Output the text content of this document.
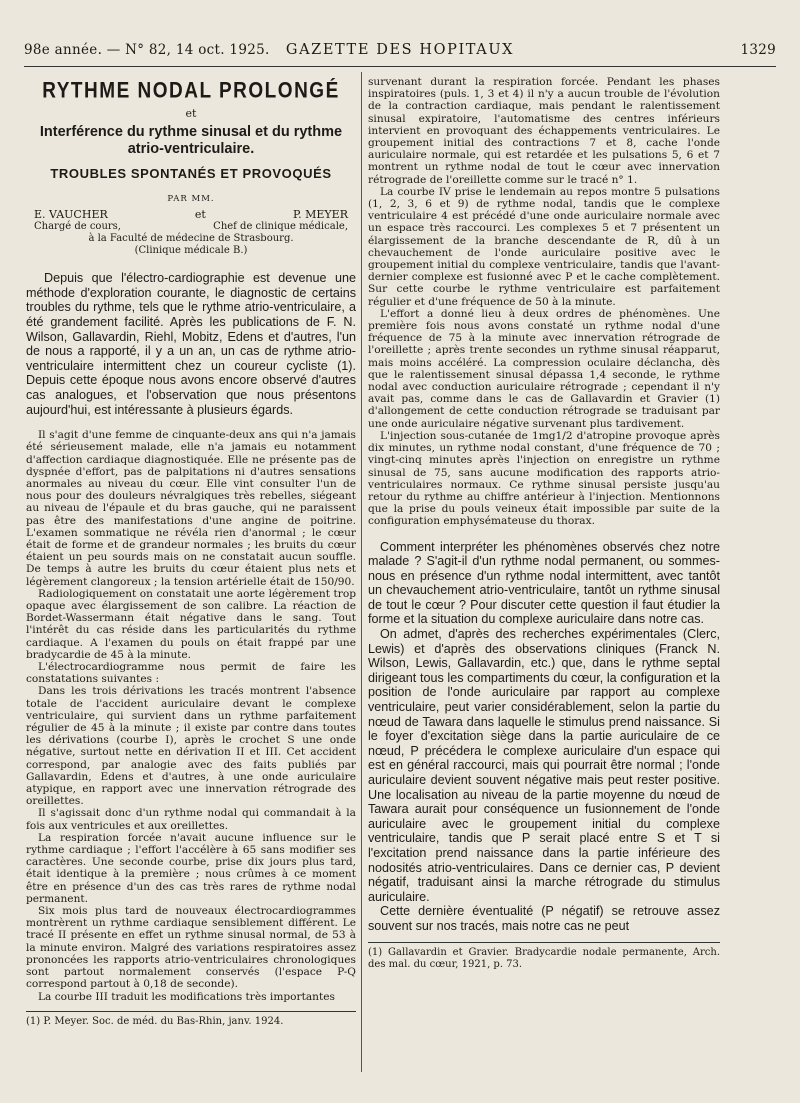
98e année. — N° 82, 14 oct. 1925.	GAZETTE DES HOPITAUX	1329
RYTHME NODAL PROLONGÉ
et
Interférence du rythme sinusal et du rythme atrio-ventriculaire.
TROUBLES SPONTANÉS ET PROVOQUÉS
PAR MM.
E. VAUCHER	et	P. MEYER
Chargé de cours,	Chef de clinique médicale,
à la Faculté de médecine de Strasbourg.
(Clinique médicale B.)

Depuis que l'électro-cardiographie est devenue une méthode d'exploration courante, le diagnostic de certains troubles du rythme, tels que le rythme atrio-ventriculaire, a été grandement facilité. Après les publications de F. N. Wilson, Gallavardin, Riehl, Mobitz, Edens et d'autres, l'un de nous a rapporté, il y a un an, un cas de rythme atrio-ventriculaire intermittent chez un coureur cycliste (1). Depuis cette époque nous avons encore observé d'autres cas analogues, et l'observation que nous présentons aujourd'hui, est intéressante à plusieurs égards.

Il s'agit d'une femme de cinquante-deux ans qui n'a jamais été sérieusement malade, elle n'a jamais eu notamment d'affection cardiaque diagnostiquée. Elle ne présente pas de dyspnée d'effort, pas de palpitations ni d'autres sensations anormales au niveau du cœur. Elle vint consulter l'un de nous pour des douleurs névralgiques très rebelles, siégeant au niveau de l'épaule et du bras gauche, qui ne paraissent pas être des manifestations d'une angine de poitrine. L'examen sommatique ne révéla rien d'anormal ; le cœur était de forme et de grandeur normales ; les bruits du cœur étaient un peu sourds mais on ne constatait aucun souffle. De temps à autre les bruits du cœur étaient plus nets et légèrement clangoreux ; la tension artérielle était de 150/90.

Radiologiquement on constatait une aorte légèrement trop opaque avec élargissement de son calibre. La réaction de Bordet-Wassermann était négative dans le sang. Tout l'intérêt du cas réside dans les particularités du rythme cardiaque. A l'examen du pouls on était frappé par une bradycardie de 45 à la minute.

L'électrocardiogramme nous permit de faire les constatations suivantes :

Dans les trois dérivations les tracés montrent l'absence totale de l'accident auriculaire devant le complexe ventriculaire, qui survient dans un rythme parfaitement régulier de 45 à la minute ; il existe par contre dans toutes les dérivations (courbe I), après le crochet S une onde négative, surtout nette en dérivation II et III. Cet accident correspond, par analogie avec des faits publiés par Gallavardin, Edens et d'autres, à une onde auriculaire atypique, en rapport avec une innervation rétrograde des oreillettes.

Il s'agissait donc d'un rythme nodal qui commandait à la fois aux ventricules et aux oreillettes.

La respiration forcée n'avait aucune influence sur le rythme cardiaque ; l'effort l'accélère à 65 sans modifier ses caractères. Une seconde courbe, prise dix jours plus tard, était identique à la première ; nous crûmes à ce moment être en présence d'un des cas très rares de rythme nodal permanent.

Six mois plus tard de nouveaux électrocardiogrammes montrèrent un rythme cardiaque sensiblement différent. Le tracé II présente en effet un rythme sinusal normal, de 53 à la minute environ. Malgré des variations respiratoires assez prononcées les rapports atrio-ventriculaires chronologiques sont partout normalement conservés (l'espace P-Q correspond partout à 0,18 de seconde).

La courbe III traduit les modifications très importantes

(1) P. Meyer. Soc. de méd. du Bas-Rhin, janv. 1924.

survenant durant la respiration forcée. Pendant les phases inspiratoires (puls. 1, 3 et 4) il n'y a aucun trouble de l'évolution de la contraction cardiaque, mais pendant le ralentissement sinusal expiratoire, l'automatisme des centres inférieurs intervient en provoquant des échappements ventriculaires. Le groupement initial des contractions 7 et 8, cache l'onde auriculaire normale, qui est retardée et les pulsations 5, 6 et 7 montrent un rythme nodal de tout le cœur avec innervation rétrograde de l'oreillette comme sur le tracé n° 1.

La courbe IV prise le lendemain au repos montre 5 pulsations (1, 2, 3, 6 et 9) de rythme nodal, tandis que le complexe ventriculaire 4 est précédé d'une onde auriculaire normale avec un espace très raccourci. Les complexes 5 et 7 présentent un élargissement de la branche descendante de R, dû à un chevauchement de l'onde auriculaire positive avec le groupement initial du complexe ventriculaire, tandis que l'avant-dernier complexe est fusionné avec P et le cache complètement. Sur cette courbe le rythme ventriculaire est parfaitement régulier et d'une fréquence de 50 à la minute.

L'effort a donné lieu à deux ordres de phénomènes. Une première fois nous avons constaté un rythme nodal d'une fréquence de 75 à la minute avec innervation rétrograde de l'oreillette ; après trente secondes un rythme sinusal réapparut, mais moins accéléré. La compression oculaire déclancha, dès que le ralentissement sinusal dépassa 1,4 seconde, le rythme nodal avec conduction auriculaire rétrograde ; cependant il n'y avait pas, comme dans le cas de Gallavardin et Gravier (1) d'allongement de cette conduction rétrograde se traduisant par une onde auriculaire négative survenant plus tardivement.

L'injection sous-cutanée de 1mg1/2 d'atropine provoque après dix minutes, un rythme nodal constant, d'une fréquence de 70 ; vingt-cinq minutes après l'injection on enregistre un rythme sinusal de 75, sans aucune modification des rapports atrio-ventriculaires normaux. Ce rythme sinusal persiste jusqu'au retour du rythme au chiffre antérieur à l'injection. Mentionnons que la prise du pouls veineux était impossible par suite de la configuration emphysémateuse du thorax.

Comment interpréter les phénomènes observés chez notre malade ? S'agit-il d'un rythme nodal permanent, ou sommes-nous en présence d'un rythme nodal intermittent, avec tantôt un chevauchement atrio-ventriculaire, tantôt un rythme sinusal de tout le cœur ? Pour discuter cette question il faut étudier la forme et la situation du complexe auriculaire dans notre cas.

On admet, d'après des recherches expérimentales (Clerc, Lewis) et d'après des observations cliniques (Franck N. Wilson, Lewis, Gallavardin, etc.) que, dans le rythme septal dirigeant tous les compartiments du cœur, la configuration et la position de l'onde auriculaire par rapport au complexe ventriculaire, peut varier considérablement, selon la partie du nœud de Tawara dans laquelle le stimulus prend naissance. Si le foyer d'excitation siège dans la partie auriculaire de ce nœud, P précédera le complexe auriculaire d'un espace qui est en général raccourci, mais qui pourrait être normal ; l'onde auriculaire devient souvent négative mais peut rester positive. Une localisation au niveau de la partie moyenne du nœud de Tawara aurait pour conséquence un fusionnement de l'onde auriculaire avec le groupement initial du complexe ventriculaire, tandis que P serait placé entre S et T si l'excitation prend naissance dans la partie inférieure des nodosités atrio-ventriculaires. Dans ce dernier cas, P devient négatif, traduisant ainsi la marche rétrograde du stimulus auriculaire.

Cette dernière éventualité (P négatif) se retrouve assez souvent sur nos tracés, mais notre cas ne peut

(1) Gallavardin et Gravier. Bradycardie nodale permanente, Arch. des mal. du cœur, 1921, p. 73.
